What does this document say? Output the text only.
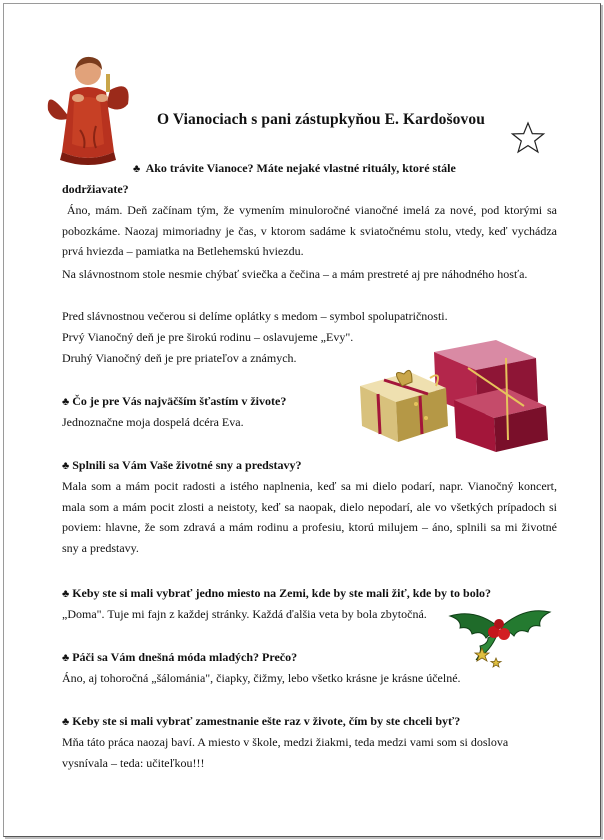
O Vianociach s pani zástupkyňou E. Kardošovou
♣ Ako trávite Vianoce? Máte nejaké vlastné rituály, ktoré stále
dodržiavate?
Áno, mám. Deň začínam tým, že vymením minuloročné vianočné imelá za nové, pod ktorými sa pobozkáme. Naozaj mimoriadny je čas, v ktorom sadáme k sviatočnému stolu, vtedy, keď vychádza prvá hviezda – pamiatka na Betlehemskú hviezdu.
Na slávnostnom stole nesmie chýbať sviečka a čečina – a mám prestreté aj pre náhodného hosťa.
Pred slávnostnou večerou si delíme oplátky s medom – symbol spolupatričnosti.
Prvý Vianočný deň je pre širokú rodinu – oslavujeme „Evy".
Druhý Vianočný deň je pre priateľov a známych.
♣ Čo je pre Vás najväčším šťastím v živote?
Jednoznačne moja dospelá dcéra Eva.
♣ Splnili sa Vám Vaše životné sny a predstavy?
Mala som a mám pocit radosti a istého naplnenia, keď sa mi dielo podarí, napr. Vianočný koncert, mala som a mám pocit zlosti a neistoty, keď sa naopak, dielo nepodarí, ale vo všetkých prípadoch si poviem: hlavne, že som zdravá a mám rodinu a profesiu, ktorú milujem – áno, splnili sa mi životné sny a predstavy.
♣ Keby ste si mali vybrať jedno miesto na Zemi, kde by ste mali žiť, kde by to bolo?
„Doma". Tuje mi fajn z každej stránky. Každá ďalšia veta by bola zbytočná.
♣ Páči sa Vám dnešná móda mladých? Prečo?
Áno, aj tohoročná „šálománia", čiapky, čižmy, lebo všetko krásne je krásne účelné.
♣ Keby ste si mali vybrať zamestnanie ešte raz v živote, čím by ste chceli byť?
Mňa táto práca naozaj baví. A miesto v škole, medzi žiakmi, teda medzi vami som si doslova vysnívala – teda: učiteľkou!!!
